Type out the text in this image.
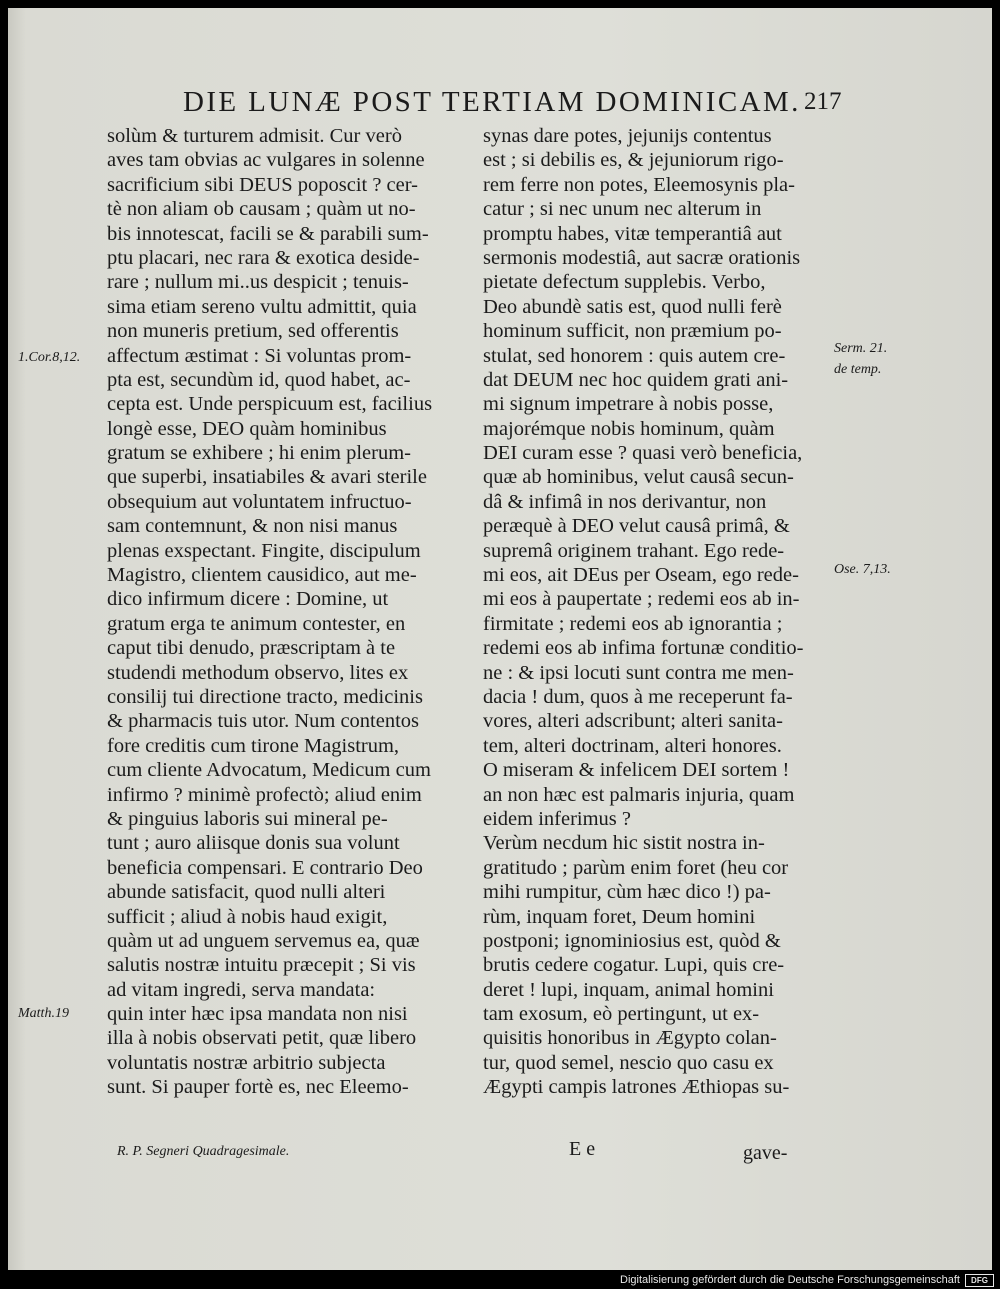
DIE LUNÆ POST TERTIAM DOMINICAM. 217
solùm & turturem admisit. Cur verò
aves tam obvias ac vulgares in solenne
sacrificium sibi DEUS poposcit ? cer-
tè non aliam ob causam ; quàm ut no-
bis innotescat, facili se & parabili sum-
ptu placari, nec rara & exotica deside-
rare ; nullum mi..us despicit ; tenuis-
sima etiam sereno vultu admittit, quia
non muneris pretium, sed offerentis
affectum æstimat : Si voluntas prom-
pta est, secundùm id, quod habet, ac-
cepta est. Unde perspicuum est, facilius
longè esse, DEO quàm hominibus
gratum se exhibere ; hi enim plerum-
que superbi, insatiabiles & avari sterile
obsequium aut voluntatem infructuo-
sam contemnunt, & non nisi manus
plenas exspectant. Fingite, discipulum
Magistro, clientem causidico, aut me-
dico infirmum dicere : Domine, ut
gratum erga te animum contester, en
caput tibi denudo, præscriptam à te
studendi methodum observo, lites ex
consilij tui directione tracto, medicinis
& pharmacis tuis utor. Num contentos
fore creditis cum tirone Magistrum,
cum cliente Advocatum, Medicum cum
infirmo ? minimè profectò; aliud enim
& pinguius laboris sui mineral pe-
tunt ; auro aliisque donis sua volunt
beneficia compensari. E contrario Deo
abunde satisfacit, quod nulli alteri
sufficit ; aliud à nobis haud exigit,
quàm ut ad unguem servemus ea, quæ
salutis nostræ intuitu præcepit ; Si vis
ad vitam ingredi, serva mandata:
quin inter hæc ipsa mandata non nisi
illa à nobis observati petit, quæ libero
voluntatis nostræ arbitrio subjecta
sunt. Si pauper fortè es, nec Eleemo-
synas dare potes, jejunijs contentus
est ; si debilis es, & jejuniorum rigo-
rem ferre non potes, Eleemosynis pla-
catur ; si nec unum nec alterum in
promptu habes, vitæ temperantiâ aut
sermonis modestiâ, aut sacræ orationis
pietate defectum supplebis. Verbo,
Deo abundè satis est, quod nulli ferè
hominum sufficit, non præmium po-
stulat, sed honorem : quis autem cre-
dat DEUM nec hoc quidem grati ani-
mi signum impetrare à nobis posse,
majorémque nobis hominum, quàm
DEI curam esse ? quasi verò beneficia,
quæ ab hominibus, velut causâ secun-
dâ & infimâ in nos derivantur, non
peræquè à DEO velut causâ primâ, &
supremâ originem trahant. Ego rede-
mi eos, ait DEus per Oseam, ego rede-
mi eos à paupertate ; redemi eos ab in-
firmitate ; redemi eos ab ignorantia ;
redemi eos ab infima fortunæ conditio-
ne : & ipsi locuti sunt contra me men-
dacia ! dum, quos à me receperunt fa-
vores, alteri adscribunt; alteri sanita-
tem, alteri doctrinam, alteri honores.
O miseram & infelicem DEI sortem !
an non hæc est palmaris injuria, quam
eidem inferimus ?
Verùm necdum hic sistit nostra in-
gratitudo ; parùm enim foret (heu cor
mihi rumpitur, cùm hæc dico !) pa-
rùm, inquam foret, Deum homini
postponi; ignominiosius est, quòd &
brutis cedere cogatur. Lupi, quis cre-
deret ! lupi, inquam, animal homini
tam exosum, eò pertingunt, ut ex-
quisitis honoribus in Ægypto colan-
tur, quod semel, nescio quo casu ex
Ægypti campis latrones Æthiopas su-
1.Cor.8,12.
Matth.19
Serm. 21.
de temp.
Ose. 7,13.
R. P. Segneri Quadragesimale.	E e	gave-
Digitalisierung gefördert durch die Deutsche Forschungsgemeinschaft	DFG
